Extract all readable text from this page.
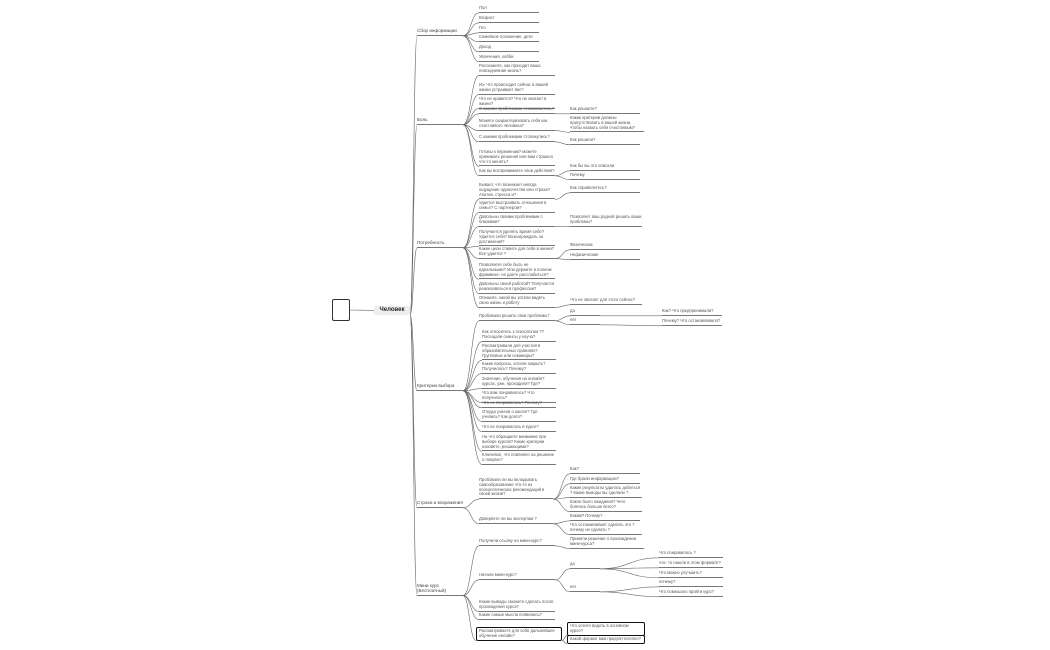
Человек
Сбор информации
Пол
Возраст
Гео
Семейное положение, дети
Доход
Увлечения, хобби
Боль
Расскажите, как проходит ваша повседневная жизнь?
Из- что происходит сейчас в вашей жизни устраивает вас?
Что не нравится? Что не хватает в жизни?
С какими проблемами сталкиваетесь?	Как решаете?
Можете охарактеризовать себя как счастливого человека?
Какие критерии должны присутствовать в вашей жизни, чтобы назвать себя счастливым?
С какими проблемами столкнулись?
Как решили?
Готовы к переменам? можете принимать решения или вам страшно что-то менять?
Как вы воспринимаете свои действия?
Как бы вы это описали
Почему
Потребность
Бывает, что возникает иногда ощущение одиночества или страха? Апатия, стресса и?
Как справляетесь?
Удается выстраивать отношения в семье? С партнером?
Довольны своими проблемами с близкими?
Позволяет ваш родной решать ваши проблемы?
Получается уделять время себе? Удается себя? Вознаграждать за достижения?
Какие цели ставите для себя в жизни? Все удается ?
Физические
Нефизические
Позволяете себе быть не идеальными? Или держите в полном фрамвеке- не даете расслабиться?
Довольны своей работой? Получается реализоваться в профессии?
Опишите, какой вы хотели видеть свою жизнь и работу
Что не хватает для этого сейчас?
Критерии выбора
Пробовали решать свои проблемы?
да	Как? Что предпринимали?
нет	Почему? Что останавливало?
Как относитесь к психологам ?? Посещали сеансы у коуча?
Рассматривали для участия в образовательных провинях? Групповые или семинары?
Какие вопросы, хотели закрыть? Получилось? Почему?
Значение, обучения на онлайн?курсах, уже, проходили? Где?
Что вам понравилось? Что получилось?
Что не понравилось? Почему?
Откуда узнали о школе? Где учились? Как долго?
Что не понравилось в курсе?
На что обращаете внимание при выборе курсов? Какие критерии назовёте, решающими?
Ключевое, что повлияло на решение о покупке?
Страхи и возражения
Пробовали ли вы вкладывать самообразование что-то из психологических рекомендаций в своей жизни?
Как?
Где брали информацию?
Какие результаты удалось добиться ? Какие выводы вы сделали ?
Какое было ожидания? Чего боялись больше всего?
Доверяете ли вы экспертам ?
Каким? Почему?
Что останавливает сделать это ? почему не сделать ?
Мини курс (Бесплатный)
Получили ссылку на мини-курс?	Приняли решение о прохождении мини-курса?
Начали мини-курс?
да
Что понравилось ?
что- то нашли в этом формате?
Что можно улучшить?
нет
почему?
Что помешало пройти курс?
Какие выводы сможете сделать после прохождения курса?
Какие самые мысли появились?
Рассматриваете для себя дальнейшее обучение онлайн?
Что хотите видеть в основном курсе?
Какой формат вам предпочтителен?
